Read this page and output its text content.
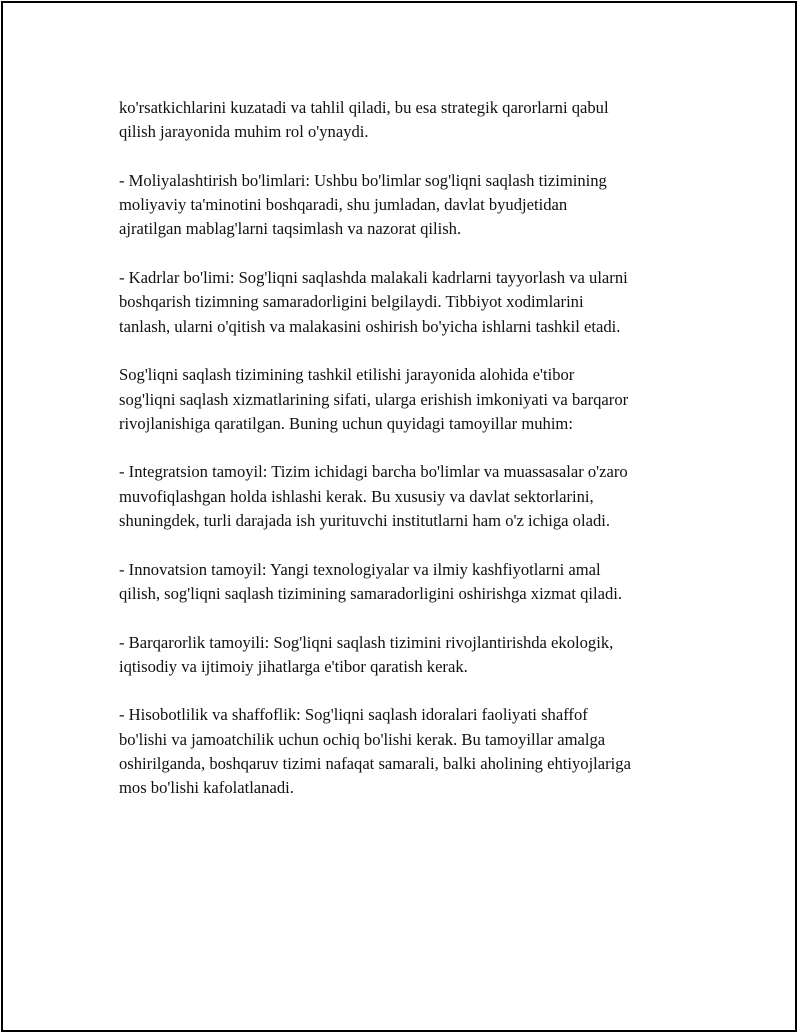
ko'rsatkichlarini kuzatadi va tahlil qiladi, bu esa strategik qarorlarni qabul
qilish jarayonida muhim rol o'ynaydi.

- Moliyalashtirish bo'limlari: Ushbu bo'limlar sog'liqni saqlash tizimining
moliyaviy ta'minotini boshqaradi, shu jumladan, davlat byudjetidan
ajratilgan mablag'larni taqsimlash va nazorat qilish.

- Kadrlar bo'limi: Sog'liqni saqlashda malakali kadrlarni tayyorlash va ularni
boshqarish tizimning samaradorligini belgilaydi. Tibbiyot xodimlarini
tanlash, ularni o'qitish va malakasini oshirish bo'yicha ishlarni tashkil etadi.

Sog'liqni saqlash tizimining tashkil etilishi jarayonida alohida e'tibor
sog'liqni saqlash xizmatlarining sifati, ularga erishish imkoniyati va barqaror
rivojlanishiga qaratilgan. Buning uchun quyidagi tamoyillar muhim:

- Integratsion tamoyil: Tizim ichidagi barcha bo'limlar va muassasalar o'zaro
muvofiqlashgan holda ishlashi kerak. Bu xususiy va davlat sektorlarini,
shuningdek, turli darajada ish yurituvchi institutlarni ham o'z ichiga oladi.

- Innovatsion tamoyil: Yangi texnologiyalar va ilmiy kashfiyotlarni amal
qilish, sog'liqni saqlash tizimining samaradorligini oshirishga xizmat qiladi.

- Barqarorlik tamoyili: Sog'liqni saqlash tizimini rivojlantirishda ekologik,
iqtisodiy va ijtimoiy jihatlarga e'tibor qaratish kerak.

- Hisobotlilik va shaffoflik: Sog'liqni saqlash idoralari faoliyati shaffof
bo'lishi va jamoatchilik uchun ochiq bo'lishi kerak. Bu tamoyillar amalga
oshirilganda, boshqaruv tizimi nafaqat samarali, balki aholining ehtiyojlariga
mos bo'lishi kafolatlanadi.
